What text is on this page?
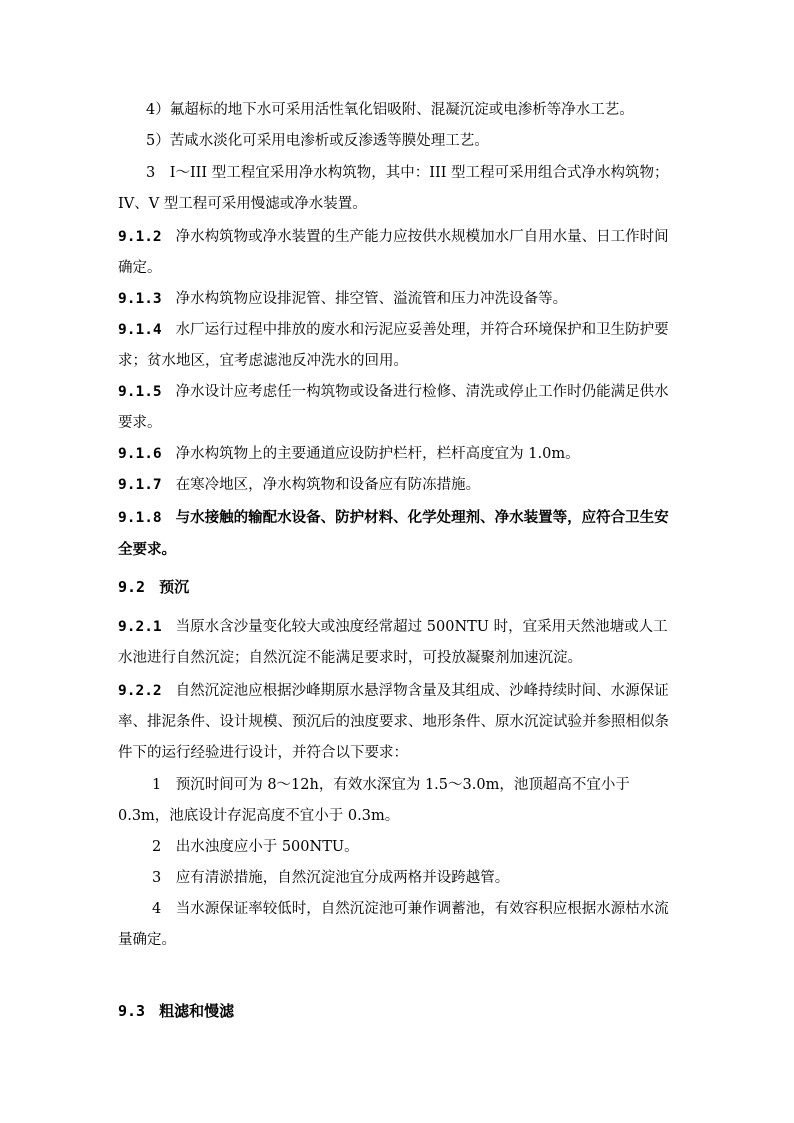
4）氟超标的地下水可采用活性氧化铝吸附、混凝沉淀或电渗析等净水工艺。

5）苦咸水淡化可采用电渗析或反渗透等膜处理工艺。

3　I～III 型工程宜采用净水构筑物，其中：III 型工程可采用组合式净水构筑物； IV、V 型工程可采用慢滤或净水装置。

9.1.2 净水构筑物或净水装置的生产能力应按供水规模加水厂自用水量、日工作时间确定。

9.1.3 净水构筑物应设排泥管、排空管、溢流管和压力冲洗设备等。

9.1.4 水厂运行过程中排放的废水和污泥应妥善处理，并符合环境保护和卫生防护要求；贫水地区，宜考虑滤池反冲洗水的回用。

9.1.5 净水设计应考虑任一构筑物或设备进行检修、清洗或停止工作时仍能满足供水要求。

9.1.6 净水构筑物上的主要通道应设防护栏杆，栏杆高度宜为 1.0m。

9.1.7 在寒冷地区，净水构筑物和设备应有防冻措施。

9.1.8 与水接触的输配水设备、防护材料、化学处理剂、净水装置等，应符合卫生安全要求。

9.2 预沉

9.2.1 当原水含沙量变化较大或浊度经常超过 500NTU 时，宜采用天然池塘或人工水池进行自然沉淀；自然沉淀不能满足要求时，可投放凝聚剂加速沉淀。

9.2.2 自然沉淀池应根据沙峰期原水悬浮物含量及其组成、沙峰持续时间、水源保证率、排泥条件、设计规模、预沉后的浊度要求、地形条件、原水沉淀试验并参照相似条件下的运行经验进行设计，并符合以下要求：

1　预沉时间可为 8～12h，有效水深宜为 1.5～3.0m，池顶超高不宜小于 0.3m，池底设计存泥高度不宜小于 0.3m。

2　出水浊度应小于 500NTU。

3　应有清淤措施，自然沉淀池宜分成两格并设跨越管。

4　当水源保证率较低时，自然沉淀池可兼作调蓄池，有效容积应根据水源枯水流量确定。

9.3 粗滤和慢滤
